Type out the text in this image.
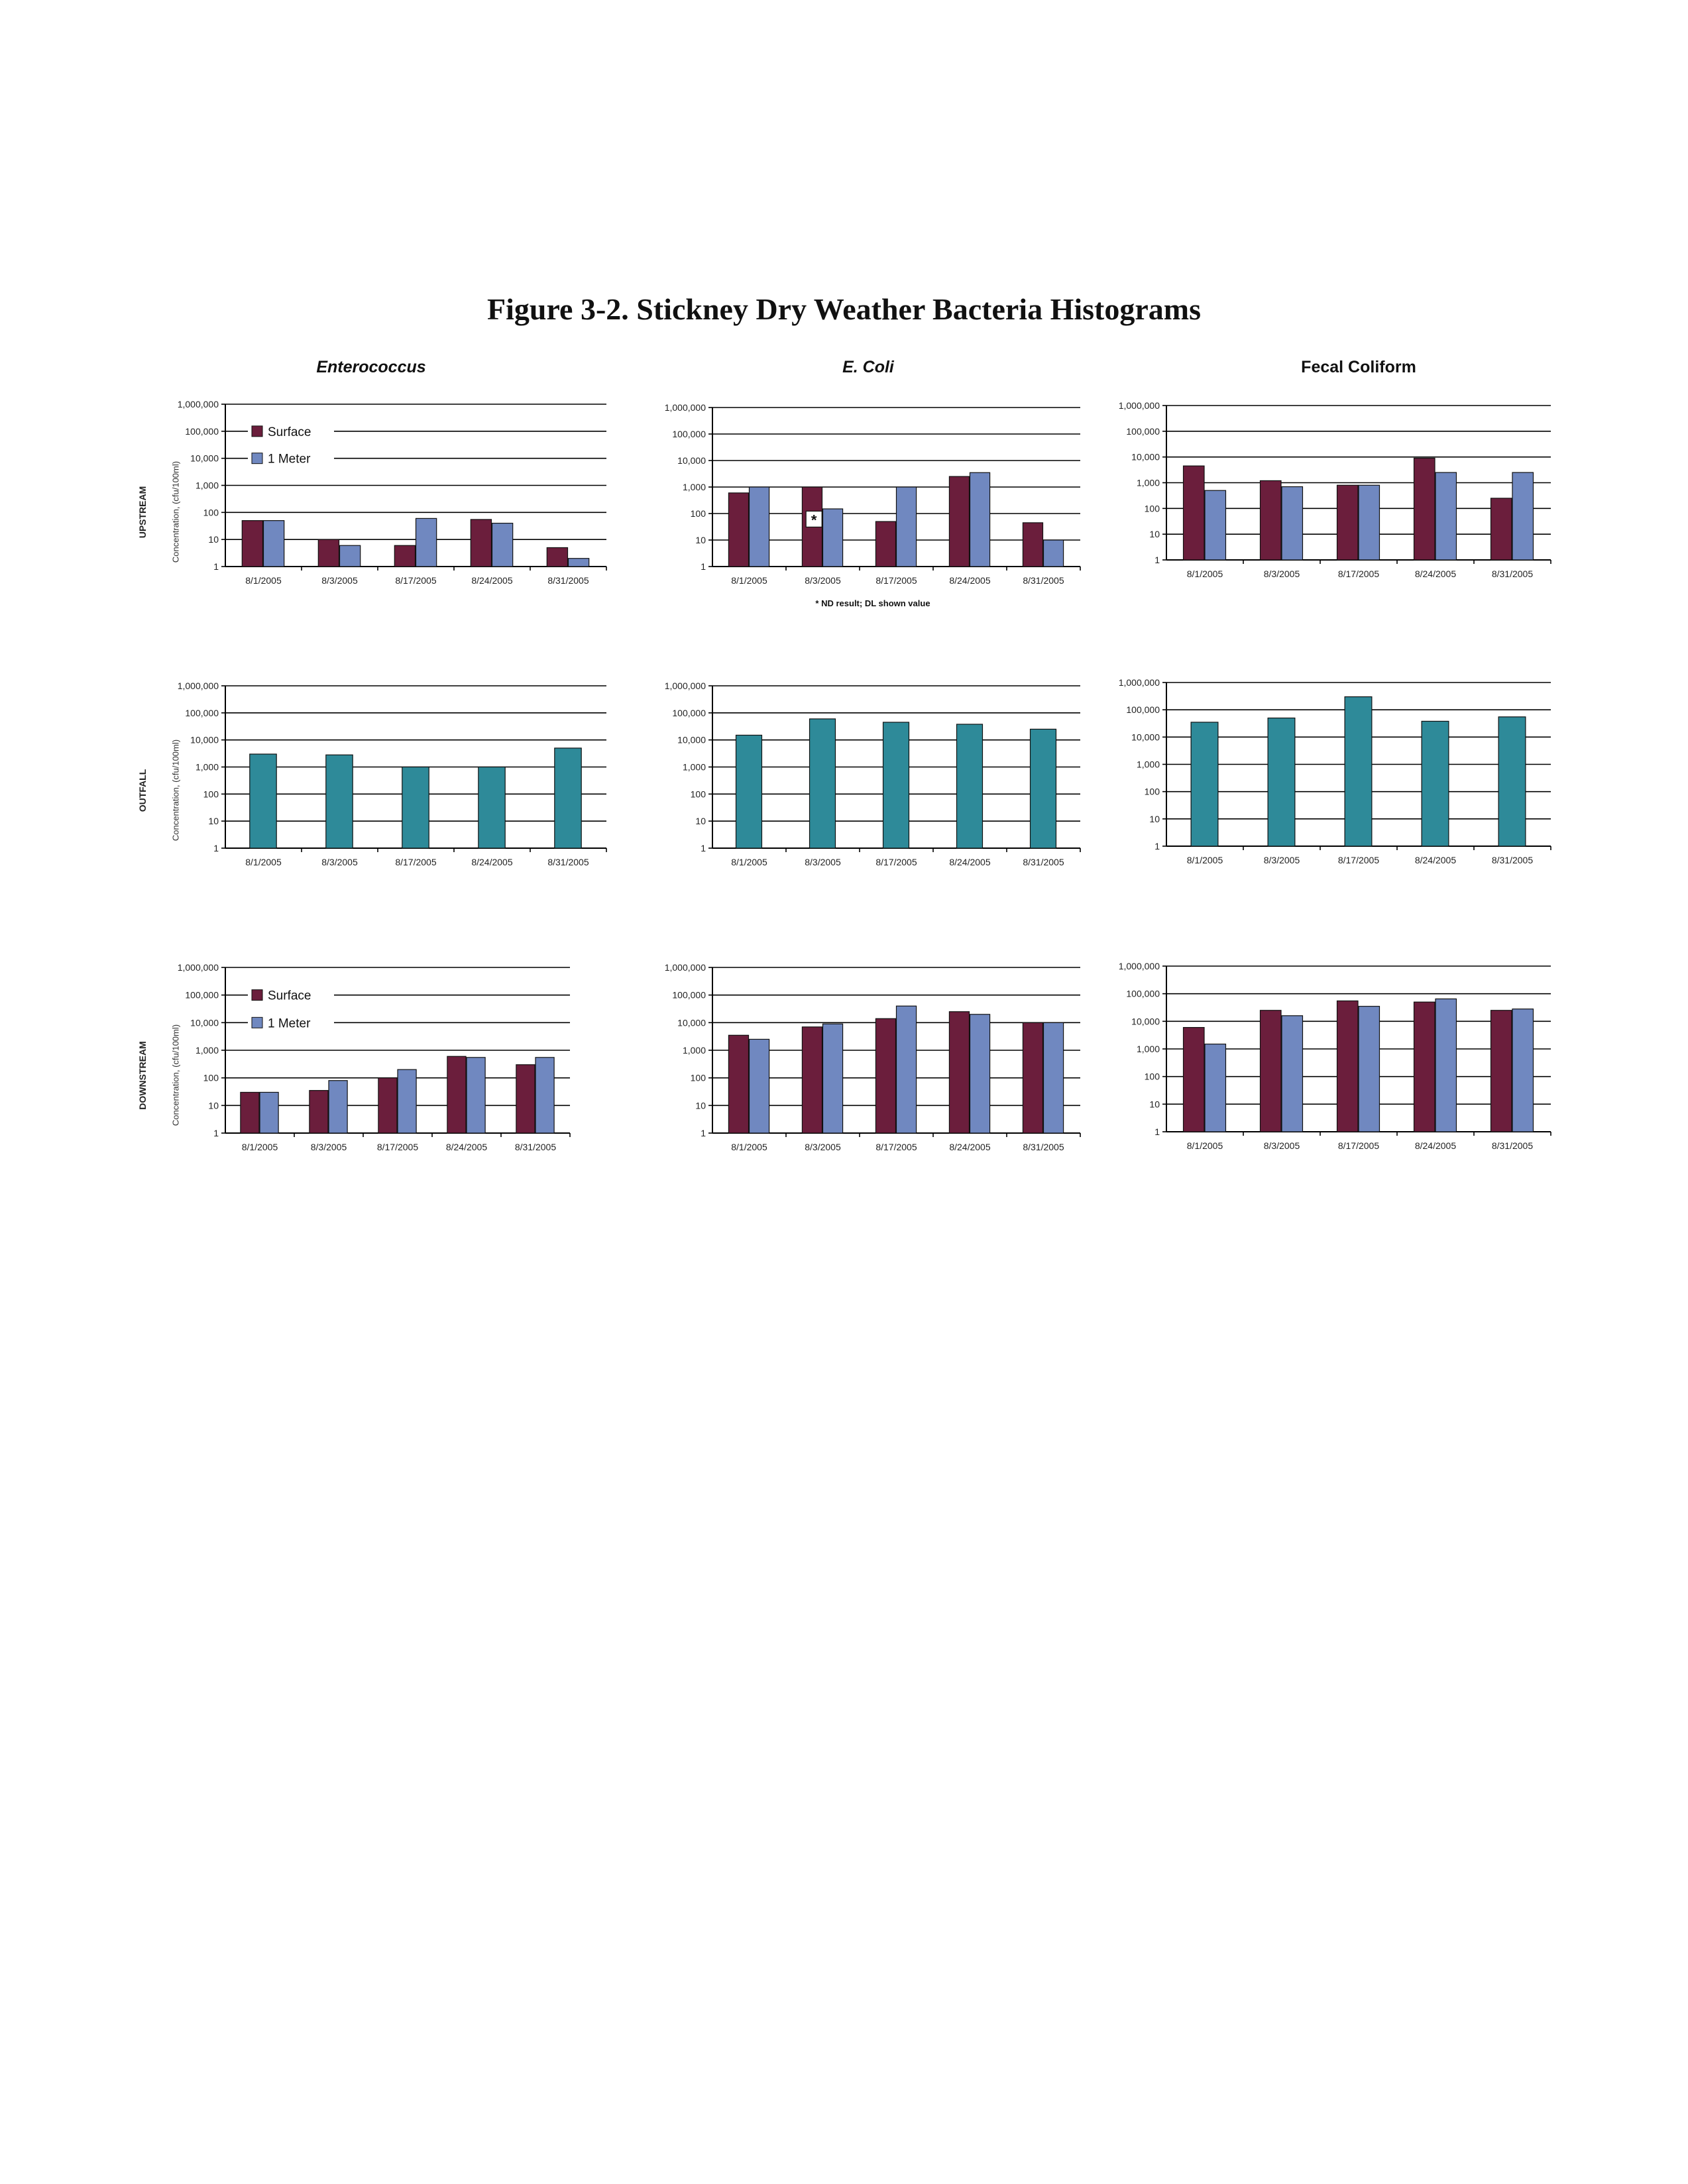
Figure 3-2. Stickney Dry Weather Bacteria Histograms
Enterococcus	E. Coli	Fecal Coliform
UPSTREAM
OUTFALL
DOWNSTREAM
Concentration, (cfu/100ml)
Concentration, (cfu/100ml)
Concentration, (cfu/100ml)
1
10
100
1,000
10,000
100,000
1,000,000
8/1/2005	8/3/2005	8/17/2005	8/24/2005	8/31/2005
Surface
1 Meter
1
10
100
1,000
10,000
100,000
1,000,000
8/1/2005	8/3/2005	8/17/2005	8/24/2005	8/31/2005
*
1
10
100
1,000
10,000
100,000
1,000,000
8/1/2005	8/3/2005	8/17/2005	8/24/2005	8/31/2005
1
10
100
1,000
10,000
100,000
1,000,000
8/1/2005	8/3/2005	8/17/2005	8/24/2005	8/31/2005
1
10
100
1,000
10,000
100,000
1,000,000
8/1/2005	8/3/2005	8/17/2005	8/24/2005	8/31/2005
1
10
100
1,000
10,000
100,000
1,000,000
8/1/2005	8/3/2005	8/17/2005	8/24/2005	8/31/2005
1
10
100
1,000
10,000
100,000
1,000,000
8/1/2005	8/3/2005	8/17/2005	8/24/2005	8/31/2005
Surface
1 Meter
1
10
100
1,000
10,000
100,000
1,000,000
8/1/2005	8/3/2005	8/17/2005	8/24/2005	8/31/2005
1
10
100
1,000
10,000
100,000
1,000,000
8/1/2005	8/3/2005	8/17/2005	8/24/2005	8/31/2005
* ND result; DL shown value
